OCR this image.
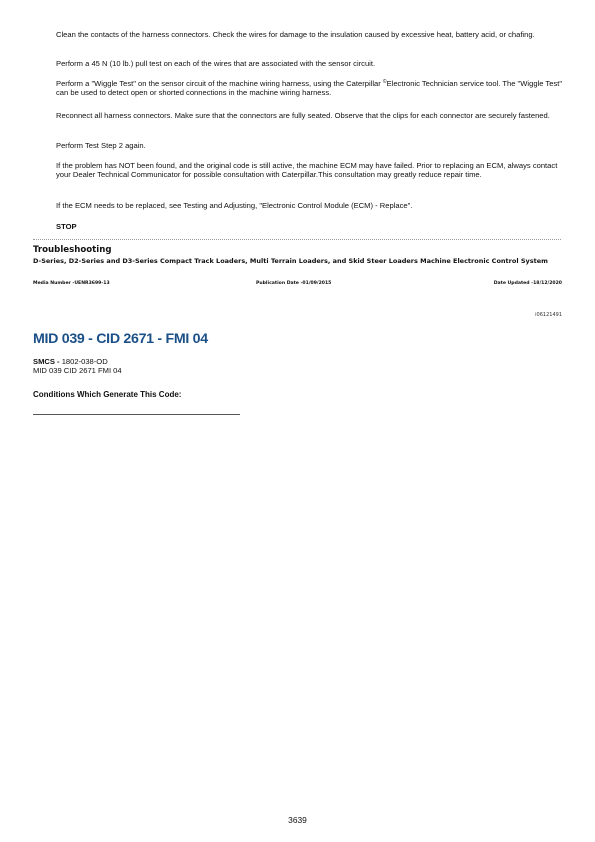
Clean the contacts of the harness connectors. Check the wires for damage to the insulation caused by excessive heat, battery acid, or chafing.

Perform a 45 N (10 lb.) pull test on each of the wires that are associated with the sensor circuit.

Perform a "Wiggle Test" on the sensor circuit of the machine wiring harness, using the Caterpillar ©Electronic Technician service tool. The "Wiggle Test" can be used to detect open or shorted connections in the machine wiring harness.

Reconnect all harness connectors. Make sure that the connectors are fully seated. Observe that the clips for each connector are securely fastened.

Perform Test Step 2 again.

If the problem has NOT been found, and the original code is still active, the machine ECM may have failed. Prior to replacing an ECM, always contact your Dealer Technical Communicator for possible consultation with Caterpillar.This consultation may greatly reduce repair time.

If the ECM needs to be replaced, see Testing and Adjusting, "Electronic Control Module (ECM) - Replace".

STOP
Troubleshooting
D-Series, D2-Series and D3-Series Compact Track Loaders, Multi Terrain Loaders, and Skid Steer Loaders Machine Electronic Control System
Media Number -UENR3699-13	Publication Date -01/09/2015	Date Updated -18/12/2020
i06121491
MID 039 - CID 2671 - FMI 04
SMCS - 1802-038-OD
MID 039 CID 2671 FMI 04
Conditions Which Generate This Code:
3639
